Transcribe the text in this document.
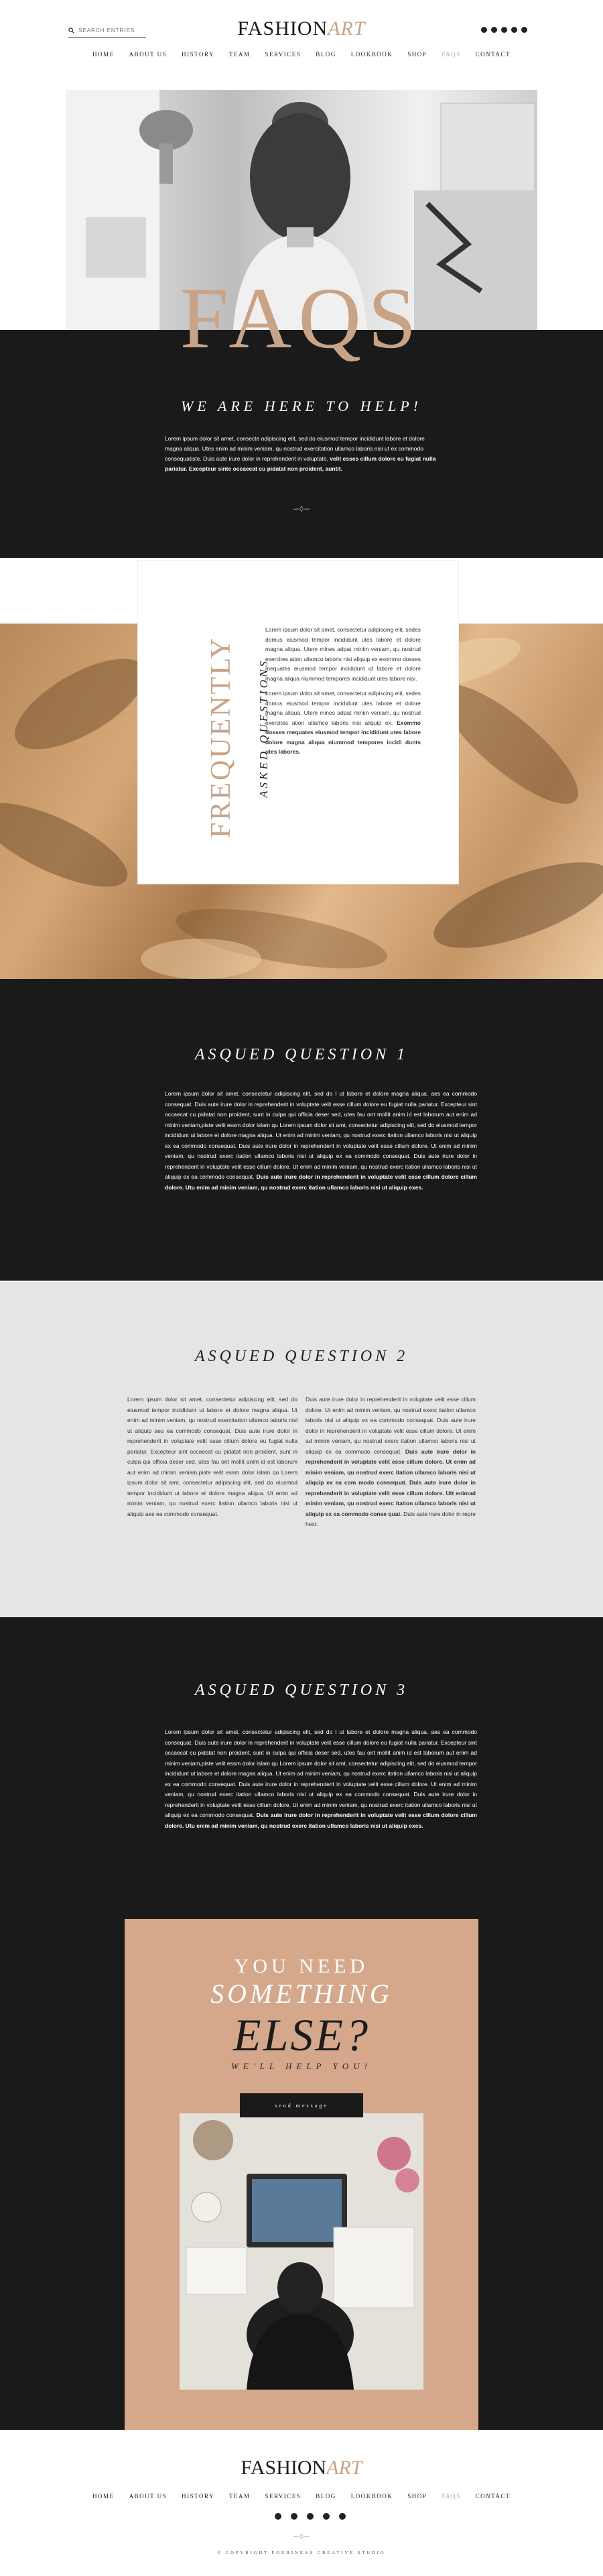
SEARCH ENTRIES
FASHIONART
HOME ABOUT US HISTORY TEAM SERVICES BLOG LOOKBOOK SHOP FAQS CONTACT
FAQS
WE ARE HERE TO HELP!
Lorem ipsum dolor sit amet, consecte adipiscing elit, sed do eiusmod tempor incididunt labore et dolore magna aliqua. Utes enim ad minim veniam, qu nostrud exercitation ullamco laboris nisi ut ex commodo consequatiste. Duis aute irure dolor in reprehenderit in voluptate. velit esses cillum dolore eu fugiat nulla pariatur. Excepteur sinte occaecat cu pidatat non proident, auntit.
∽◊∽
FREQUENTLY ASKED QUESTIONS

Lorem ipsum dolor sit amet, consectetur adipiscing elit, sedes domus eiusmod tempor incididunt utes labore et dolore magna aliqua. Utem mines adpat minim veniam, qu nostrud exercites ation ullamco laboris nisi aliquip ex exommo dosses mequates eiusmod tempor incididunt ut labore et dolore magna aliqua niummod tempores incididunt utes labore nisi.

Lorem ipsum dolor sit amet, consectetur adipiscing elit, sedes domus eiusmod tempor incididunt utes labore et dolore magna aliqua. Utem mines adpat minim veniam, qu nostrud exercites ation ullamco laboris nisi aliquip ex. Exommo dosses mequates eiusmod tempor incididunt utes labore dolore magna aliqua niummod tempores incidi dunts utes labores.

ASQUED QUESTION 1
Lorem ipsum dolor sit amet, consectetur adipiscing elit, sed do l ut labore et dolore magna aliqua. aes ea commodo consequat. Duis aute irure dolor in reprehenderit in voluptate velit esse cillum dolore eu fugiat nulla pariatur. Excepteur sint occaecat cu pidatat non proident, sunt in culpa qui officia deser sed, utes fau ont mollit anim id est laborum aut enim ad minim veniam,piste velit essm dolor islam qu Lorem ipsum dolor sit amt, consectetur adipiscing elit, sed do eiusmod tempor incididunt ut labore et dolore magna aliqua. Ut enim ad minim veniam, qu nostrud exerc itation ullamco laboris nisi ut aliquip ex ea commodo consequat. Duis aute irure dolor in reprehenderit in voluptate velit esse cillum dolore. Ut enim ad minim veniam, qu nostrud exerc itation ullamco laboris nisi ut aliquip ex ea commodo consequat. Duis aute irure dolor in reprehenderit in voluptate velit esse cillum dolore. Ut enim ad minim veniam, qu nostrud exerc itation ullamco laboris nisi ut aliquip ex ea commodo consequat. Duis aute irure dolor in reprehenderit in voluptate velit esse cillum dolore cillum dolore. Utu enim ad minim veniam, qu nostrud exerc itation ullamco laboris nisi ut aliquip exes.
ASQUED QUESTION 2
Lorem ipsum dolor sit amet, consectetur adipiscing elit, sed do eiusmod tempor incididunt ut labore et dolore magna aliqua. Ut enim ad minim veniam, qu nostrud exercitation ullamco laboris nisi ut aliquip aes ea commodo consequat. Duis aute irure dolor in reprehenderit in voluptate velit esse cillum dolore eu fugiat nulla pariatur. Excepteur sint occaecat cu pidatat non proident, sunt in culpa qui officia deser sed, utes fau ont mollit anim id est laborum aut enim ad minim veniam,piste velit essm dolor islam qu Lorem ipsum dolor sit amt, consectetur adipiscing elit, sed do eiusmod tempor incididunt ut labore et dolore magna aliqua. Ut enim ad minim veniam, qu nostrud exerc itation ullamco laboris nisi ut aliquip aes ea commodo consequat.
Duis aute irure dolor in reprehenderit in voluptate velit esse cillum dolore. Ut enim ad minim veniam, qu nostrud exerc itation ullamco laboris nisi ut aliquip ex ea commodo consequat. Duis aute irure dolor in reprehenderit in voluptate velit esse cillum dolore. Ut enim ad minim veniam, qu nostrud exerc itation ullamco laboris nisi ut aliquip ex ea commodo consequat. Duis aute irure dolor in reprehenderit in voluptate velit esse cillum dolore. Ut enim ad minim veniam, qu nostrud exerc itation ullamco laboris nisi ut aliquip ex ea com modo consequat. Duis aute irure dolor in reprehenderit in voluptate velit esse cillum dolore. Utt enimad minim veniam, qu nostrud exerc itation ullamco laboris nisi ut aliquip ex ea commodo conse quat. Duis aute irure dolor in repre hext.
ASQUED QUESTION 3
Lorem ipsum dolor sit amet, consectetur adipiscing elit, sed do l ut labore et dolore magna aliqua. aes ea commodo consequat. Duis aute irure dolor in reprehenderit in voluptate velit esse cillum dolore eu fugiat nulla pariatur. Excepteur sint occaecat cu pidatat non proident, sunt in culpa qui officia deser sed, utes fau ont mollit anim id est laborum aut enim ad minim veniam,piste velit essm dolor islam qu Lorem ipsum dolor sit amt, consectetur adipiscing elit, sed do eiusmod tempor incididunt ut labore et dolore magna aliqua. Ut enim ad minim veniam, qu nostrud exerc itation ullamco laboris nisi ut aliquip ex ea commodo consequat. Duis aute irure dolor in reprehenderit in voluptate velit esse cillum dolore. Ut enim ad minim veniam, qu nostrud exerc itation ullamco laboris nisi ut aliquip ex ea commodo consequat. Duis aute irure dolor in reprehenderit in voluptate velit esse cillum dolore. Ut enim ad minim veniam, qu nostrud exerc itation ullamco laboris nisi ut aliquip ex ea commodo consequat. Duis aute irure dolor in reprehenderit in voluptate velit esse cillum dolore cillum dolore. Utu enim ad minim veniam, qu nostrud exerc itation ullamco laboris nisi ut aliquip exes.
YOU NEED
SOMETHING
ELSE?
WE'LL HELP YOU!
send message
FASHIONART
HOME ABOUT US HISTORY TEAM SERVICES BLOG LOOKBOOK SHOP FAQS CONTACT
∽◊∽
© COPYRIGHT FOURINEAS CREATIVE STUDIO
